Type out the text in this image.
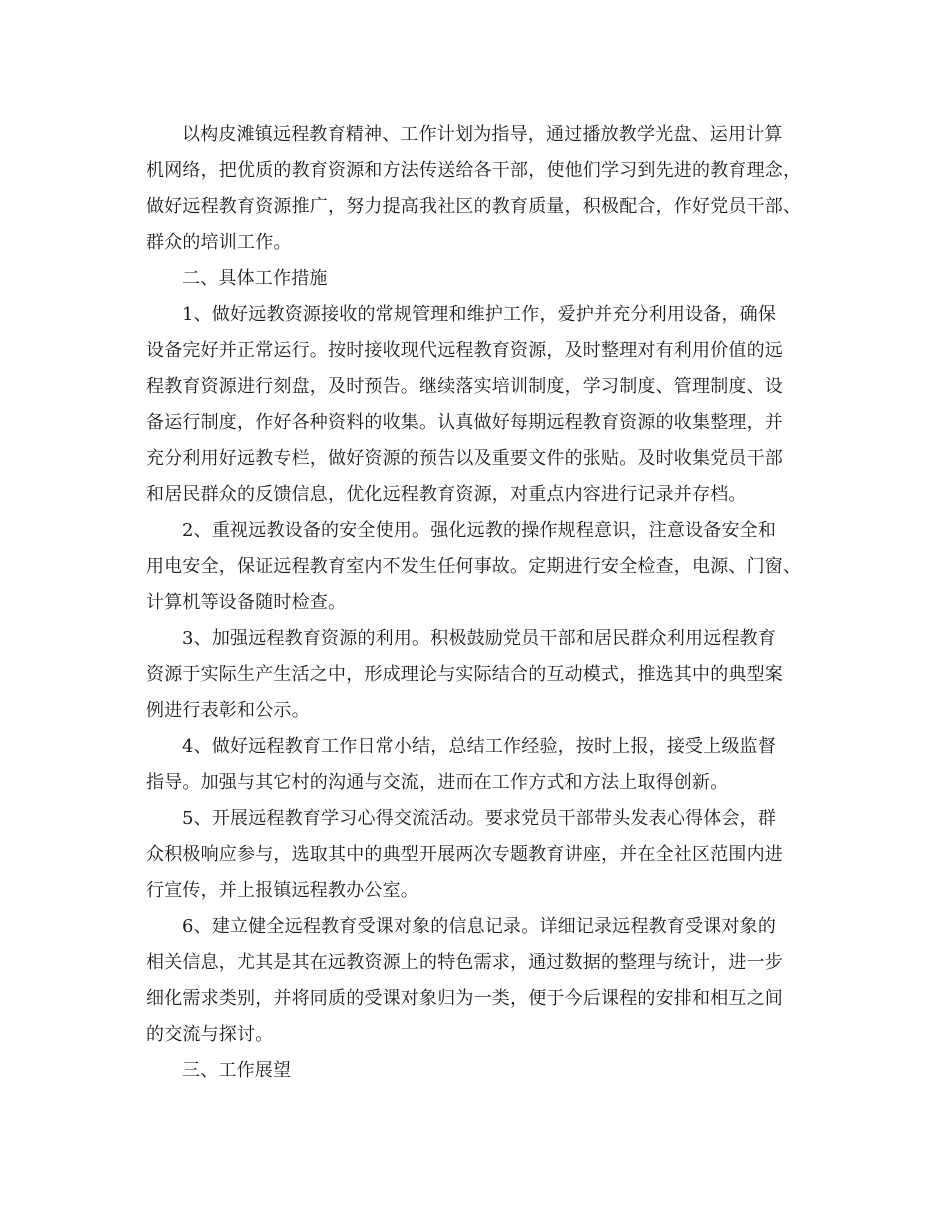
以构皮滩镇远程教育精神、工作计划为指导，通过播放教学光盘、运用计算
机网络，把优质的教育资源和方法传送给各干部，使他们学习到先进的教育理念，
做好远程教育资源推广，努力提高我社区的教育质量，积极配合，作好党员干部、
群众的培训工作。
二、具体工作措施
1、做好远教资源接收的常规管理和维护工作，爱护并充分利用设备，确保
设备完好并正常运行。按时接收现代远程教育资源，及时整理对有利用价值的远
程教育资源进行刻盘，及时预告。继续落实培训制度，学习制度、管理制度、设
备运行制度，作好各种资料的收集。认真做好每期远程教育资源的收集整理，并
充分利用好远教专栏，做好资源的预告以及重要文件的张贴。及时收集党员干部
和居民群众的反馈信息，优化远程教育资源，对重点内容进行记录并存档。
2、重视远教设备的安全使用。强化远教的操作规程意识，注意设备安全和
用电安全，保证远程教育室内不发生任何事故。定期进行安全检查，电源、门窗、
计算机等设备随时检查。
3、加强远程教育资源的利用。积极鼓励党员干部和居民群众利用远程教育
资源于实际生产生活之中，形成理论与实际结合的互动模式，推选其中的典型案
例进行表彰和公示。
4、做好远程教育工作日常小结，总结工作经验，按时上报，接受上级监督
指导。加强与其它村的沟通与交流，进而在工作方式和方法上取得创新。
5、开展远程教育学习心得交流活动。要求党员干部带头发表心得体会，群
众积极响应参与，选取其中的典型开展两次专题教育讲座，并在全社区范围内进
行宣传，并上报镇远程教办公室。
6、建立健全远程教育受课对象的信息记录。详细记录远程教育受课对象的
相关信息，尤其是其在远教资源上的特色需求，通过数据的整理与统计，进一步
细化需求类别，并将同质的受课对象归为一类，便于今后课程的安排和相互之间
的交流与探讨。
三、工作展望
